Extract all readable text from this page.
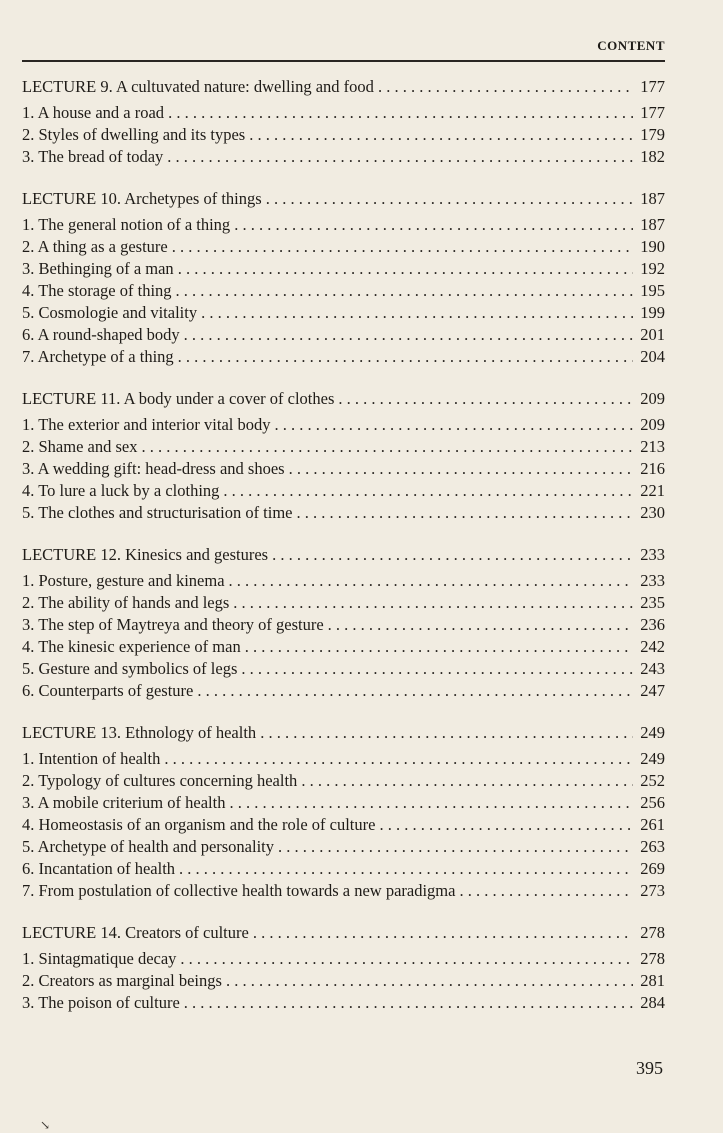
CONTENT
LECTURE 9. A cultuvated nature: dwelling and food . . .	177
1. A house and a road . . .	177
2. Styles of dwelling and its types . . .	179
3. The bread of today . . .	182
LECTURE 10. Archetypes of things . . .	187
1. The general notion of a thing . . .	187
2. A thing as a gesture . . .	190
3. Bethinging of a man . . .	192
4. The storage of thing . . .	195
5. Cosmologie and vitality . . .	199
6. A round-shaped body . . .	201
7. Archetype of a thing . . .	204
LECTURE 11. A body under a cover of clothes . . .	209
1. The exterior and interior vital body . . .	209
2. Shame and sex . . .	213
3. A wedding gift: head-dress and shoes . . .	216
4. To lure a luck by a clothing . . .	221
5. The clothes and structurisation of time . . .	230
LECTURE 12. Kinesics and gestures . . .	233
1. Posture, gesture and kinema . . .	233
2. The ability of hands and legs . . .	235
3. The step of Maytreya and theory of gesture . . .	236
4. The kinesic experience of man . . .	242
5. Gesture and symbolics of legs . . .	243
6. Counterparts of gesture . . .	247
LECTURE 13. Ethnology of health . . .	249
1. Intention of health . . .	249
2. Typology of cultures concerning health . . .	252
3. A mobile criterium of health . . .	256
4. Homeostasis of an organism and the role of culture . . .	261
5. Archetype of health and personality . . .	263
6. Incantation of health . . .	269
7. From postulation of collective health towards a new paradigma . . .	273
LECTURE 14. Creators of culture . . .	278
1. Sintagmatique decay . . .	278
2. Creators as marginal beings . . .	281
3. The poison of culture . . .	284
395
↘
